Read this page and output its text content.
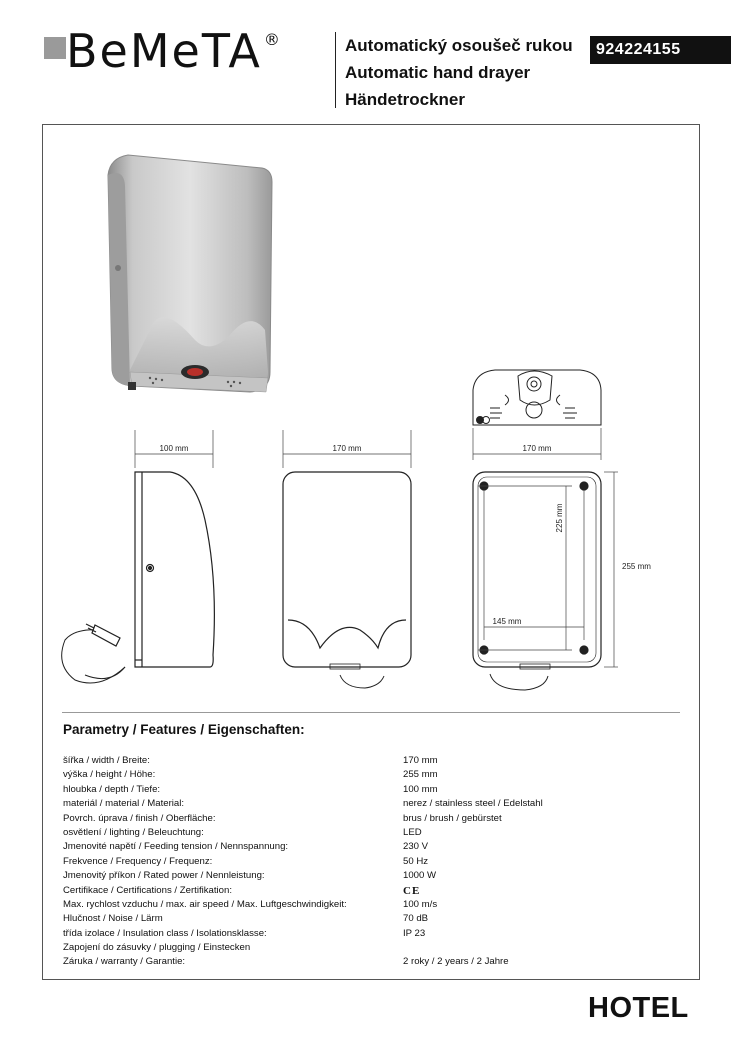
BeMeTA ®	Automatický osoušeč rukou
Automatic hand drayer
Händetrockner
924224155
100 mm	170 mm	170 mm
145 mm
225 mm
255 mm
Parametry / Features / Eigenschaften:
šířka / width / Breite:	170 mm
výška / height / Höhe:	255 mm
hloubka / depth / Tiefe:	100 mm
materiál / material / Material:	nerez / stainless steel / Edelstahl
Povrch. úprava / finish / Oberfläche:	brus / brush / gebürstet
osvětlení / lighting / Beleuchtung:	LED
Jmenovité napětí / Feeding tension / Nennspannung:	230 V
Frekvence / Frequency / Frequenz:	50 Hz
Jmenovitý příkon / Rated power / Nennleistung:	1000 W
Certifikace / Certifications / Zertifikation:	CE
Max. rychlost vzduchu / max. air speed / Max. Luftgeschwindigkeit:	100 m/s
Hlučnost / Noise / Lärm	70 dB
třída izolace / Insulation class / Isolationsklasse:	IP 23
Zapojení do zásuvky / plugging / Einstecken
Záruka / warranty / Garantie:	2 roky / 2 years / 2 Jahre
HOTEL
